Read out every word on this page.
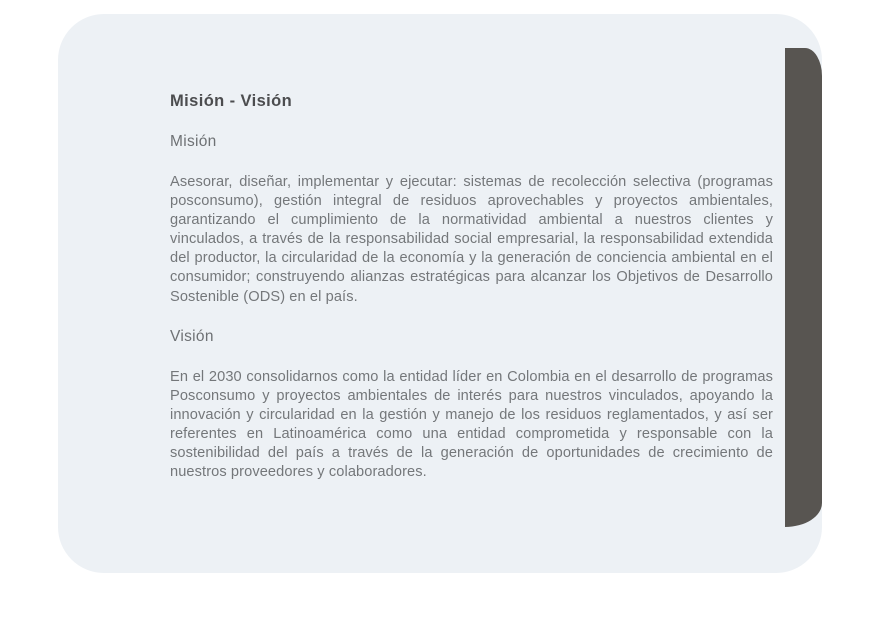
Misión - Visión
Misión

Asesorar, diseñar, implementar y ejecutar: sistemas de recolección selectiva (programas posconsumo), gestión integral de residuos aprovechables y proyectos ambientales, garantizando el cumplimiento de la normatividad ambiental a nuestros clientes y vinculados, a través de la responsabilidad social empresarial, la responsabilidad extendida del productor, la circularidad de la economía y la generación de conciencia ambiental en el consumidor; construyendo alianzas estratégicas para alcanzar los Objetivos de Desarrollo Sostenible (ODS) en el país.

Visión

En el 2030 consolidarnos como la entidad líder en Colombia en el desarrollo de programas Posconsumo y proyectos ambientales de interés para nuestros vinculados, apoyando la innovación y circularidad en la gestión y manejo de los residuos reglamentados, y así ser referentes en Latinoamérica como una entidad comprometida y responsable con la sostenibilidad del país a través de la generación de oportunidades de crecimiento de nuestros proveedores y colaboradores.
